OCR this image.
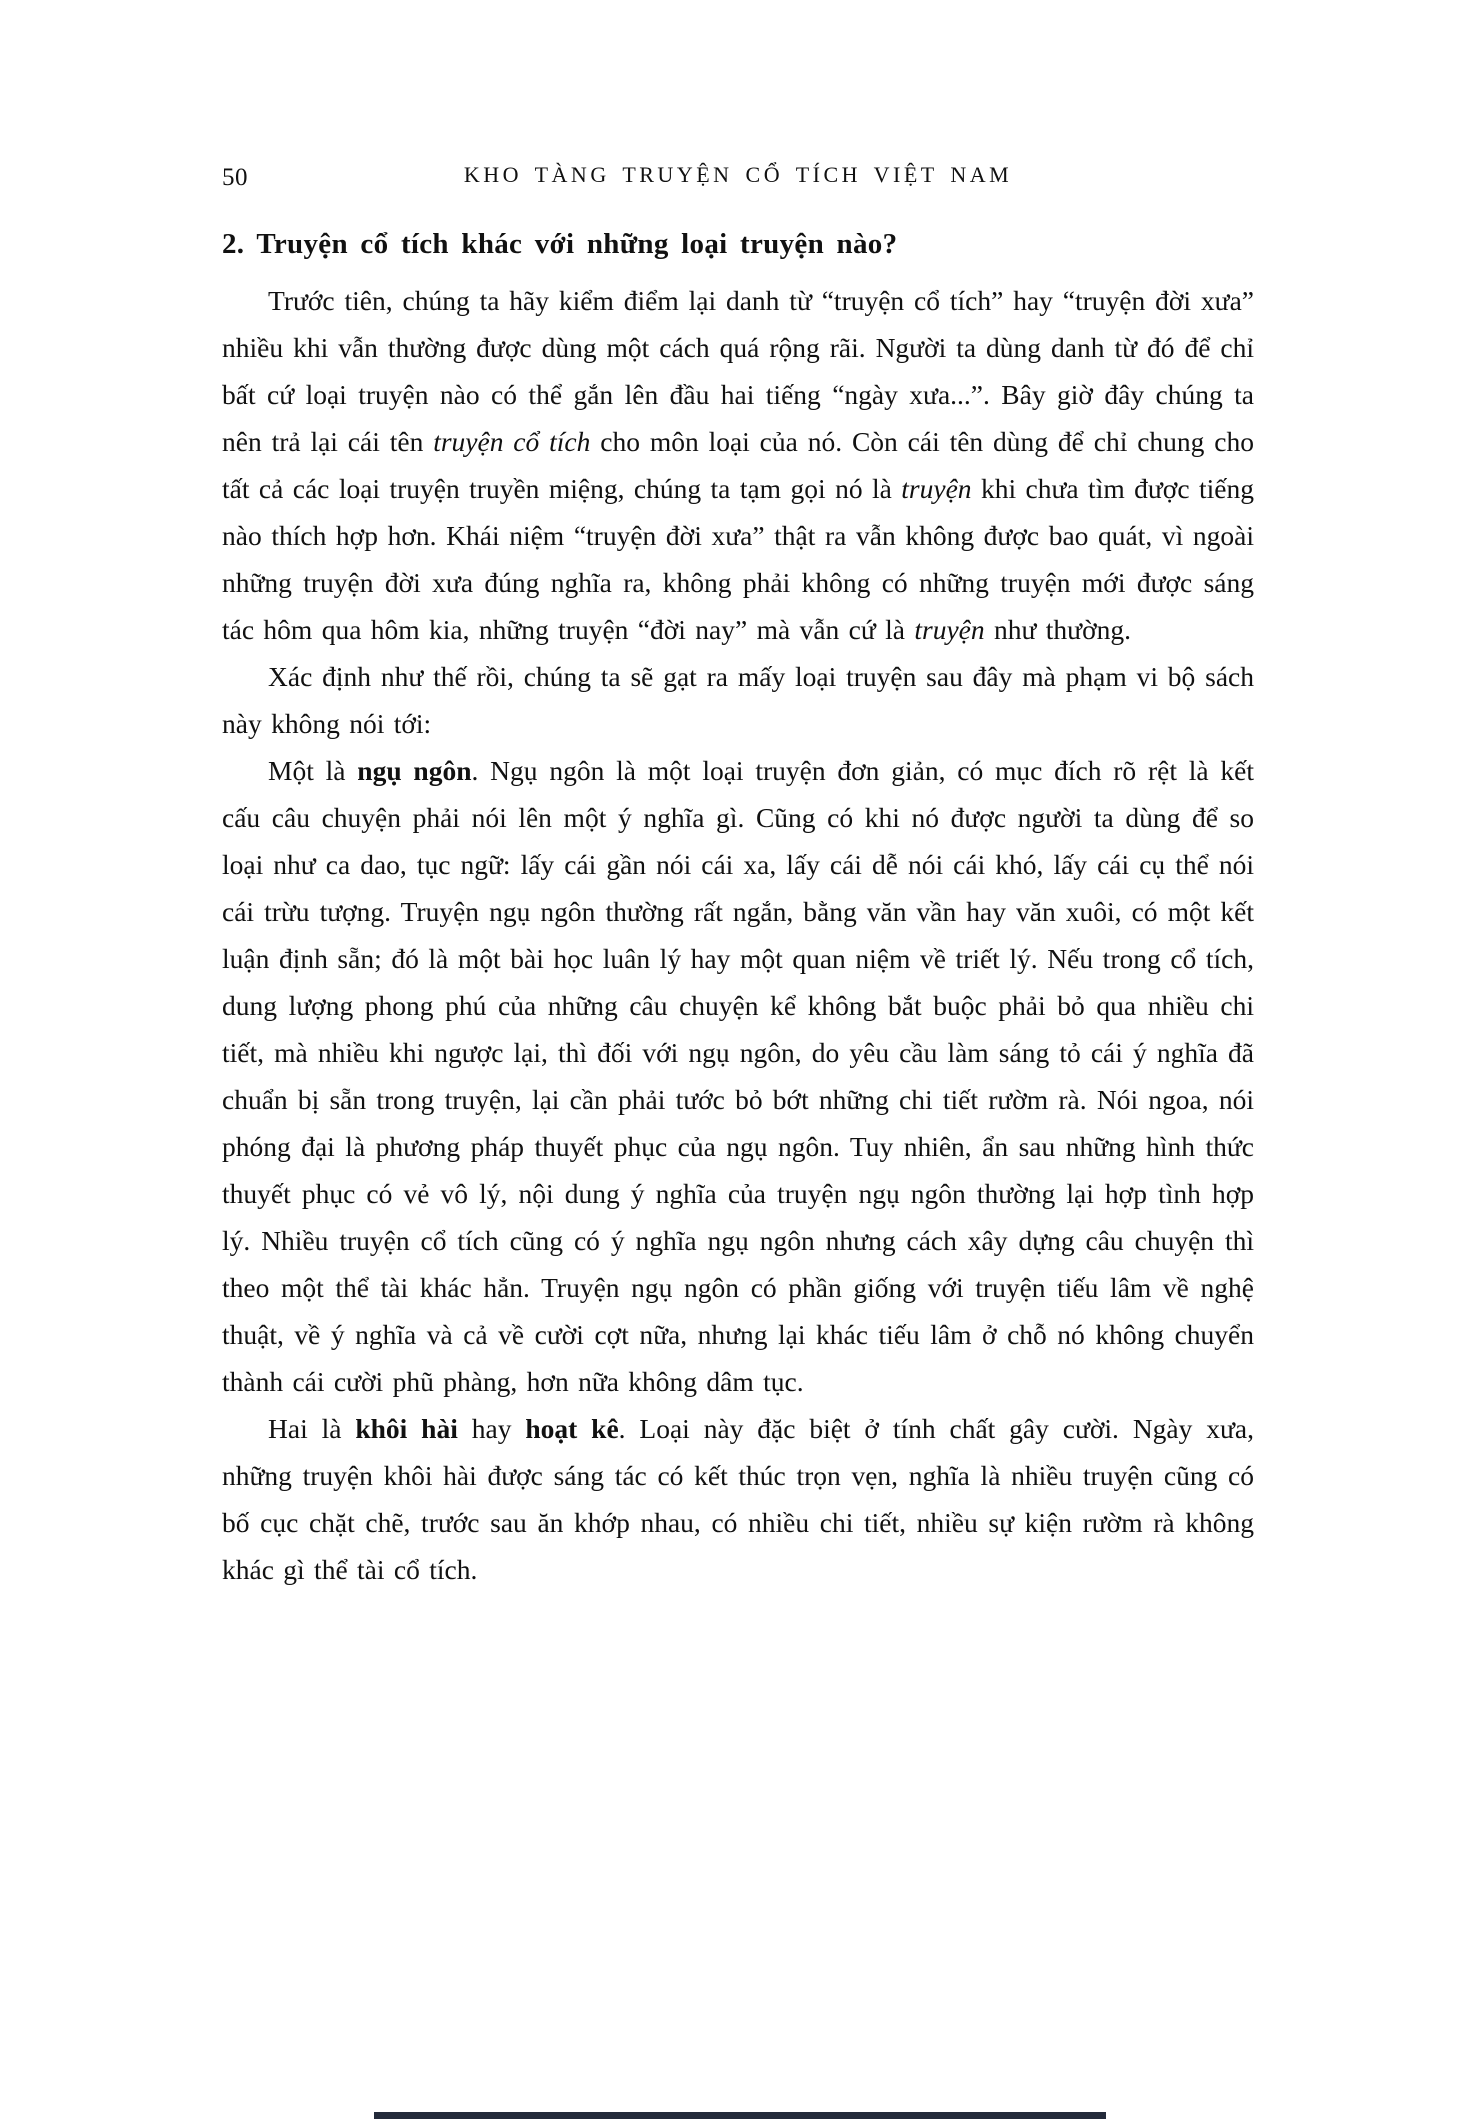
50	KHO TÀNG TRUYỆN CỔ TÍCH VIỆT NAM
2. Truyện cổ tích khác với những loại truyện nào?

Trước tiên, chúng ta hãy kiểm điểm lại danh từ “truyện cổ tích” hay “truyện đời xưa” nhiều khi vẫn thường được dùng một cách quá rộng rãi. Người ta dùng danh từ đó để chỉ bất cứ loại truyện nào có thể gắn lên đầu hai tiếng “ngày xưa...”. Bây giờ đây chúng ta nên trả lại cái tên truyện cổ tích cho môn loại của nó. Còn cái tên dùng để chỉ chung cho tất cả các loại truyện truyền miệng, chúng ta tạm gọi nó là truyện khi chưa tìm được tiếng nào thích hợp hơn. Khái niệm “truyện đời xưa” thật ra vẫn không được bao quát, vì ngoài những truyện đời xưa đúng nghĩa ra, không phải không có những truyện mới được sáng tác hôm qua hôm kia, những truyện “đời nay” mà vẫn cứ là truyện như thường.

Xác định như thế rồi, chúng ta sẽ gạt ra mấy loại truyện sau đây mà phạm vi bộ sách này không nói tới:

Một là ngụ ngôn. Ngụ ngôn là một loại truyện đơn giản, có mục đích rõ rệt là kết cấu câu chuyện phải nói lên một ý nghĩa gì. Cũng có khi nó được người ta dùng để so loại như ca dao, tục ngữ: lấy cái gần nói cái xa, lấy cái dễ nói cái khó, lấy cái cụ thể nói cái trừu tượng. Truyện ngụ ngôn thường rất ngắn, bằng văn vần hay văn xuôi, có một kết luận định sẵn; đó là một bài học luân lý hay một quan niệm về triết lý. Nếu trong cổ tích, dung lượng phong phú của những câu chuyện kể không bắt buộc phải bỏ qua nhiều chi tiết, mà nhiều khi ngược lại, thì đối với ngụ ngôn, do yêu cầu làm sáng tỏ cái ý nghĩa đã chuẩn bị sẵn trong truyện, lại cần phải tước bỏ bớt những chi tiết rườm rà. Nói ngoa, nói phóng đại là phương pháp thuyết phục của ngụ ngôn. Tuy nhiên, ẩn sau những hình thức thuyết phục có vẻ vô lý, nội dung ý nghĩa của truyện ngụ ngôn thường lại hợp tình hợp lý. Nhiều truyện cổ tích cũng có ý nghĩa ngụ ngôn nhưng cách xây dựng câu chuyện thì theo một thể tài khác hẳn. Truyện ngụ ngôn có phần giống với truyện tiếu lâm về nghệ thuật, về ý nghĩa và cả về cười cợt nữa, nhưng lại khác tiếu lâm ở chỗ nó không chuyển thành cái cười phũ phàng, hơn nữa không dâm tục.

Hai là khôi hài hay hoạt kê. Loại này đặc biệt ở tính chất gây cười. Ngày xưa, những truyện khôi hài được sáng tác có kết thúc trọn vẹn, nghĩa là nhiều truyện cũng có bố cục chặt chẽ, trước sau ăn khớp nhau, có nhiều chi tiết, nhiều sự kiện rườm rà không khác gì thể tài cổ tích.
